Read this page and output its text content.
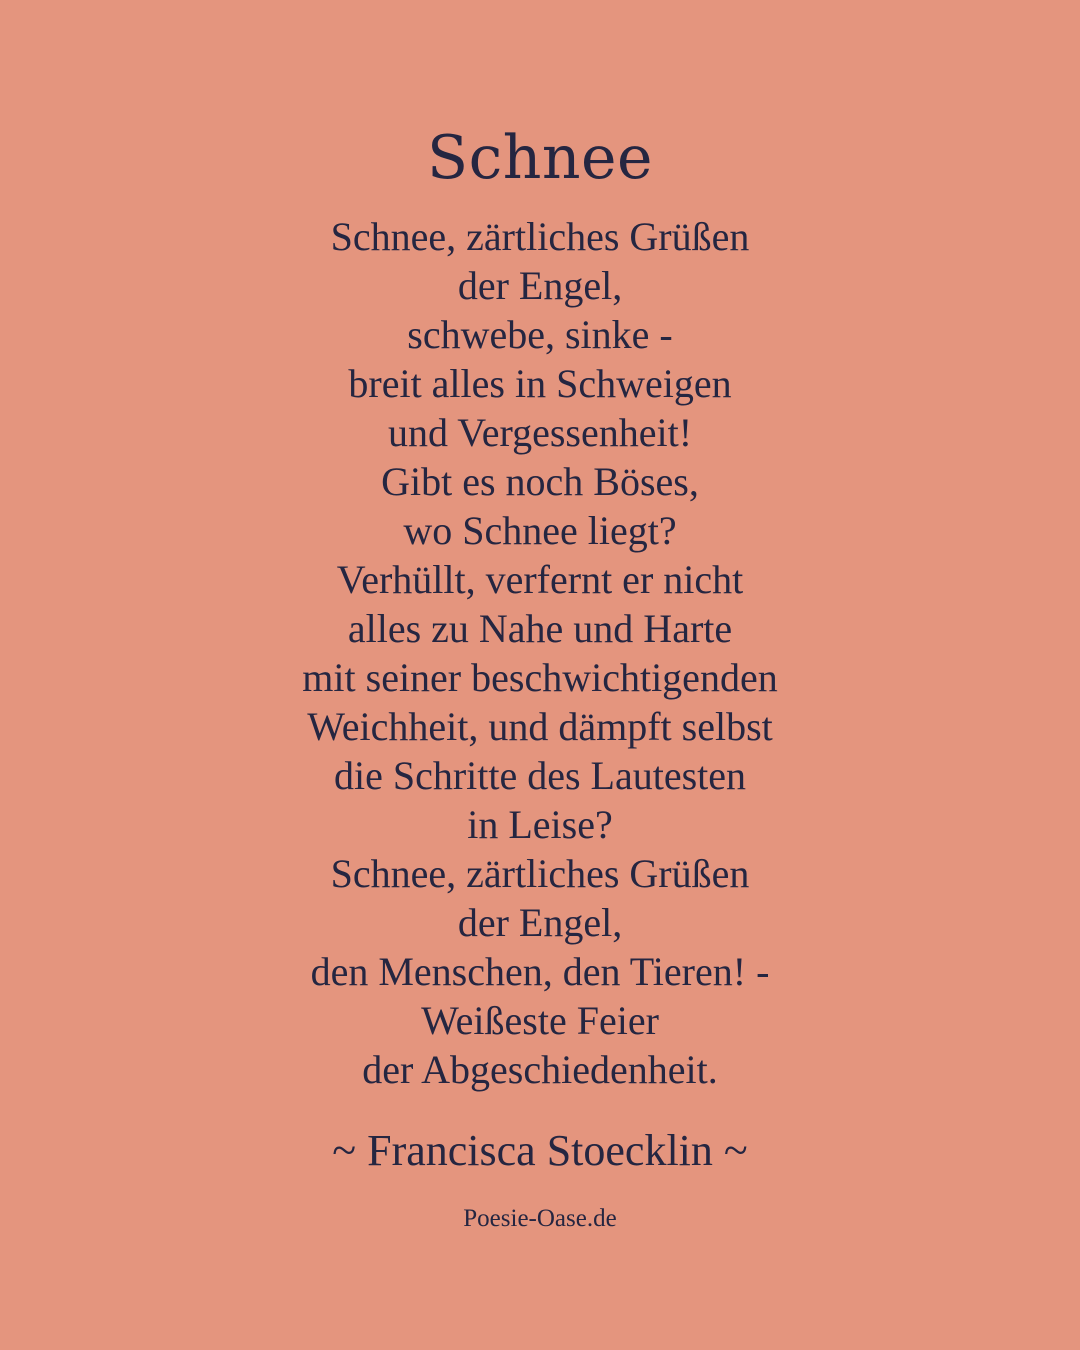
Schnee
Schnee, zärtliches Grüßen
der Engel,
schwebe, sinke -
breit alles in Schweigen
und Vergessenheit!
Gibt es noch Böses,
wo Schnee liegt?
Verhüllt, verfernt er nicht
alles zu Nahe und Harte
mit seiner beschwichtigenden
Weichheit, und dämpft selbst
die Schritte des Lautesten
in Leise?
Schnee, zärtliches Grüßen
der Engel,
den Menschen, den Tieren! -
Weißeste Feier
der Abgeschiedenheit.
~ Francisca Stoecklin ~
Poesie-Oase.de
